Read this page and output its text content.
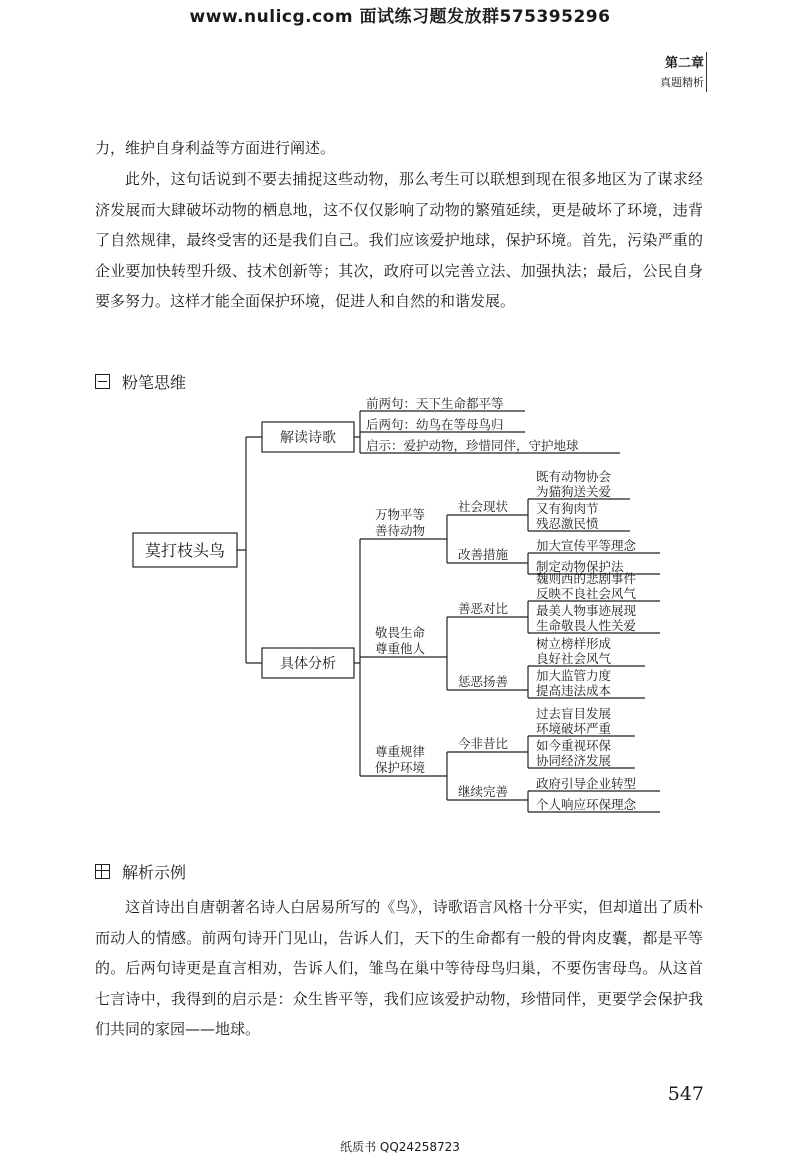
www.nulicg.com 面试练习题发放群575395296
第二章
真题精析

力，维护自身利益等方面进行阐述。

此外，这句话说到不要去捕捉这些动物，那么考生可以联想到现在很多地区为了谋求经济发展而大肆破坏动物的栖息地，这不仅仅影响了动物的繁殖延续，更是破坏了环境，违背了自然规律，最终受害的还是我们自己。我们应该爱护地球，保护环境。首先，污染严重的企业要加快转型升级、技术创新等；其次，政府可以完善立法、加强执法；最后，公民自身要多努力。这样才能全面保护环境，促进人和自然的和谐发展。

粉笔思维
莫打枝头鸟
解读诗歌
具体分析
前两句：天下生命都平等
后两句：幼鸟在等母鸟归
启示：爱护动物，珍惜同伴，守护地球
万物平等
善待动物
敬畏生命
尊重他人
尊重规律
保护环境
社会现状
改善措施
善恶对比
惩恶扬善
今非昔比
继续完善
既有动物协会
为猫狗送关爱
又有狗肉节
残忍激民愤
加大宣传平等理念
制定动物保护法
魏则西的悲剧事件
反映不良社会风气
最美人物事迹展现
生命敬畏人性关爱
树立榜样形成
良好社会风气
加大监管力度
提高违法成本
过去盲目发展
环境破坏严重
如今重视环保
协同经济发展
政府引导企业转型
个人响应环保理念
解析示例

这首诗出自唐朝著名诗人白居易所写的《鸟》，诗歌语言风格十分平实，但却道出了质朴而动人的情感。前两句诗开门见山，告诉人们，天下的生命都有一般的骨肉皮囊，都是平等的。后两句诗更是直言相劝，告诉人们，雏鸟在巢中等待母鸟归巢，不要伤害母鸟。从这首七言诗中，我得到的启示是：众生皆平等，我们应该爱护动物，珍惜同伴，更要学会保护我们共同的家园——地球。

547
纸质书 QQ24258723
